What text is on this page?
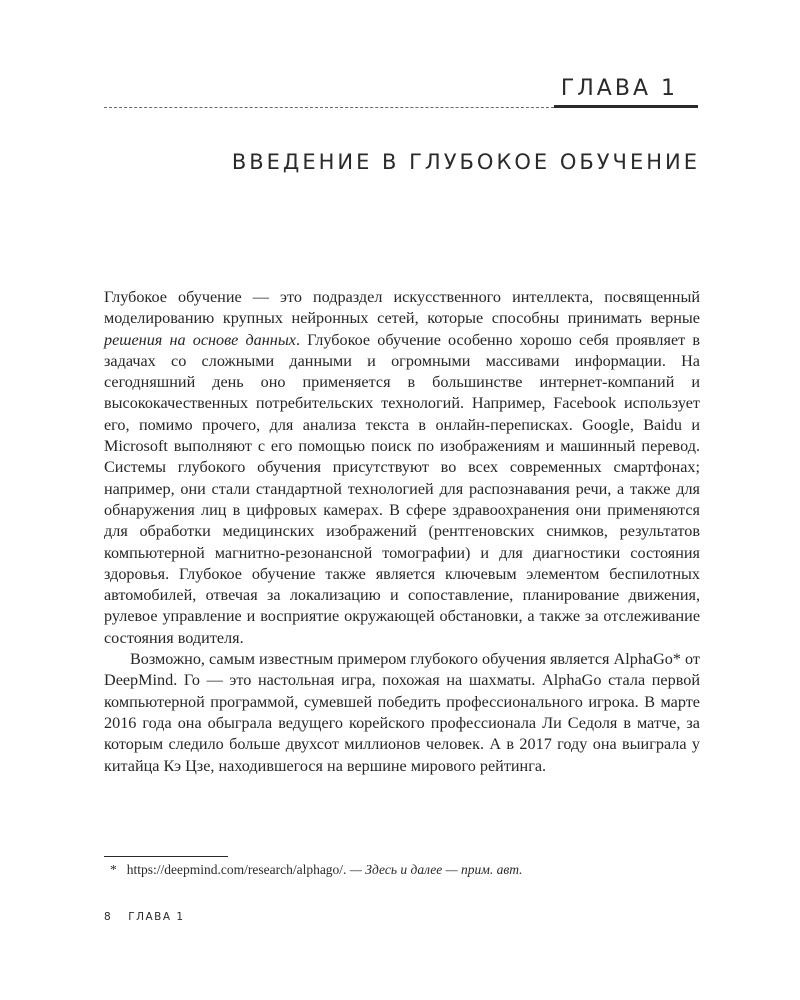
ГЛАВА 1
ВВЕДЕНИЕ В ГЛУБОКОЕ ОБУЧЕНИЕ

Глубокое обучение — это подраздел искусственного интеллекта, посвященный моделированию крупных нейронных сетей, которые способны принимать верные решения на основе данных. Глубокое обучение особенно хорошо себя проявляет в задачах со сложными данными и огромными массивами информации. На сегодняшний день оно применяется в большинстве интернет-компаний и высококачественных потребительских технологий. Например, Facebook использует его, помимо прочего, для анализа текста в онлайн-переписках. Google, Baidu и Microsoft выполняют с его помощью поиск по изображениям и машинный перевод. Системы глубокого обучения присутствуют во всех современных смартфонах; например, они стали стандартной технологией для распознавания речи, а также для обнаружения лиц в цифровых камерах. В сфере здравоохранения они применяются для обработки медицинских изображений (рентгеновских снимков, результатов компьютерной магнитно-резонансной томографии) и для диагностики состояния здоровья. Глубокое обучение также является ключевым элементом беспилотных автомобилей, отвечая за локализацию и сопоставление, планирование движения, рулевое управление и восприятие окружающей обстановки, а также за отслеживание состояния водителя.

Возможно, самым известным примером глубокого обучения является AlphaGo* от DeepMind. Го — это настольная игра, похожая на шахматы. AlphaGo стала первой компьютерной программой, сумевшей победить профессионального игрока. В марте 2016 года она обыграла ведущего корейского профессионала Ли Седоля в матче, за которым следило больше двухсот миллионов человек. А в 2017 году она выиграла у китайца Кэ Цзе, находившегося на вершине мирового рейтинга.

* https://deepmind.com/research/alphago/. — Здесь и далее — прим. авт.
8 ГЛАВА 1
